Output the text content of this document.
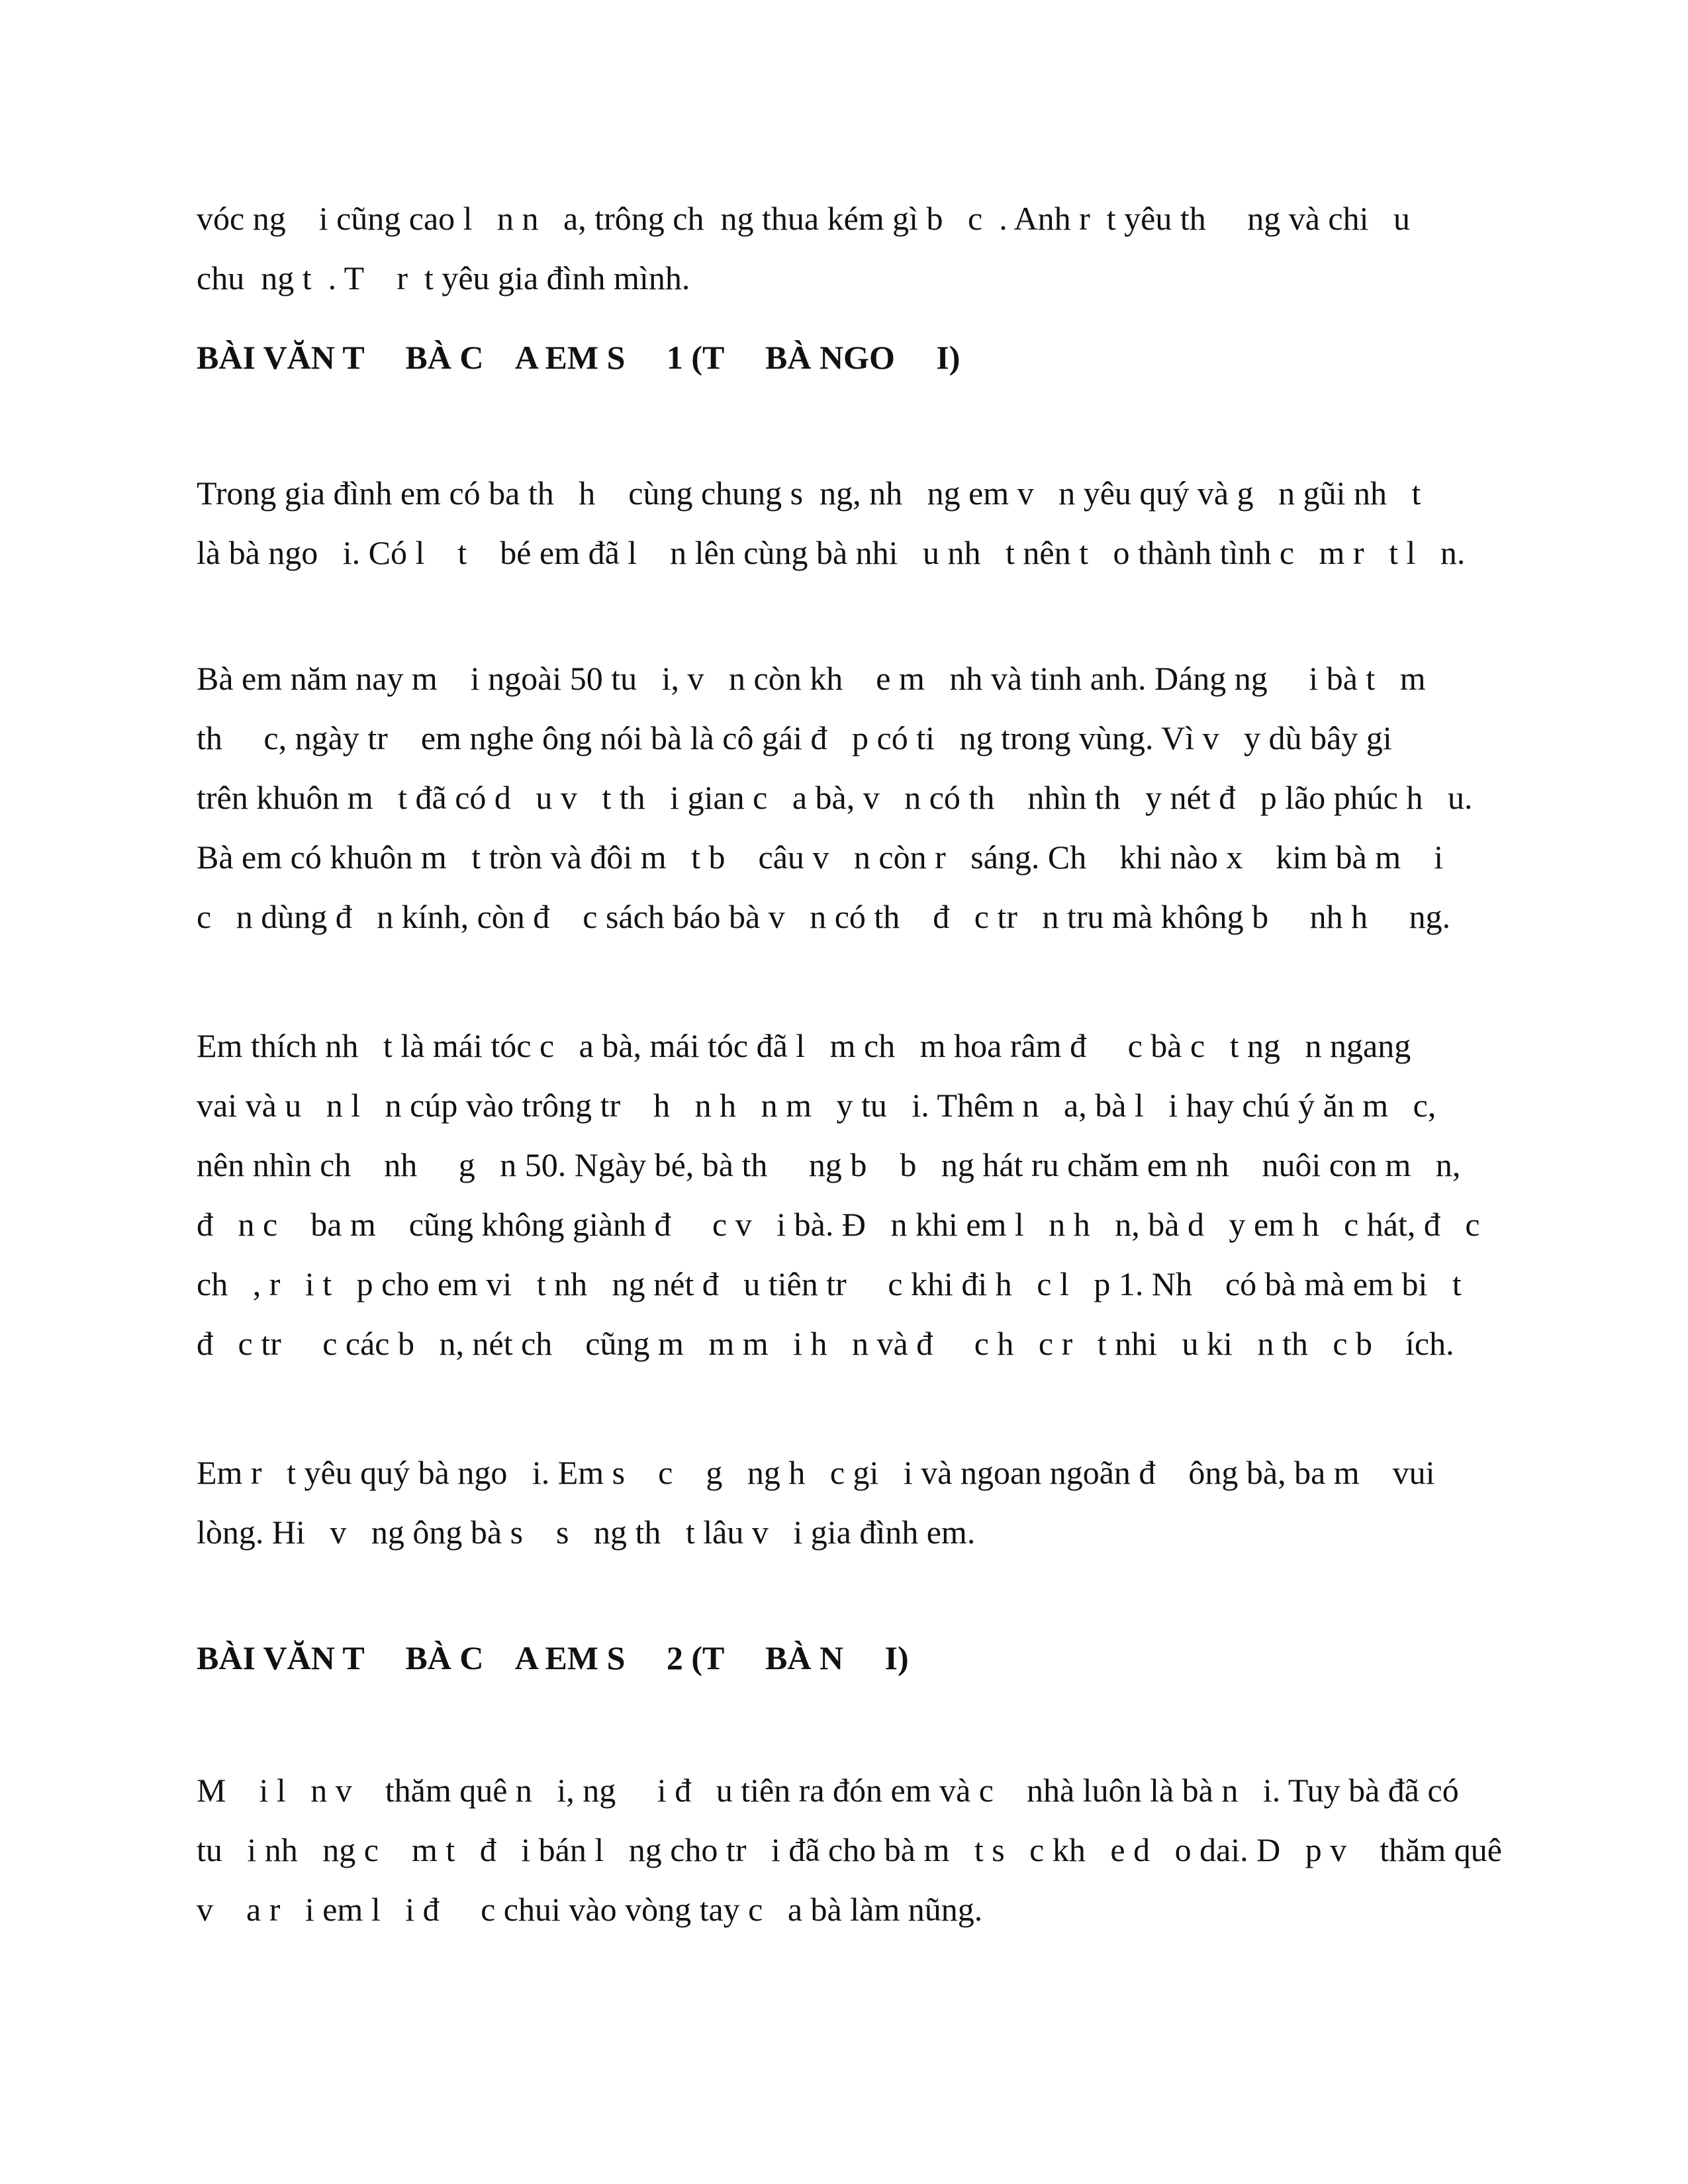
vóc ng    i cũng cao l   n n   a, trông ch  ng thua kém gì b   c  . Anh r  t yêu th     ng và chi   u

chu  ng t  . T    r  t yêu gia đình mình.

BÀI VĂN T     BÀ C    A EM S     1 (T     BÀ NGO     I)

Trong gia đình em có ba th   h    cùng chung s  ng, nh   ng em v   n yêu quý và g   n gũi nh   t

là bà ngo   i. Có l    t    bé em đã l    n lên cùng bà nhi   u nh   t nên t   o thành tình c   m r   t l   n.

Bà em năm nay m    i ngoài 50 tu   i, v   n còn kh    e m   nh và tinh anh. Dáng ng     i bà t   m

th     c, ngày tr    em nghe ông nói bà là cô gái đ   p có ti   ng trong vùng. Vì v   y dù bây gi

trên khuôn m   t đã có d   u v   t th   i gian c   a bà, v   n có th    nhìn th   y nét đ   p lão phúc h   u.

Bà em có khuôn m   t tròn và đôi m   t b    câu v   n còn r   sáng. Ch    khi nào x    kim bà m    i

c   n dùng đ   n kính, còn đ    c sách báo bà v   n có th    đ   c tr   n tru mà không b     nh h     ng.

Em thích nh   t là mái tóc c   a bà, mái tóc đã l   m ch   m hoa râm đ     c bà c   t ng   n ngang

vai và u   n l   n cúp vào trông tr    h   n h   n m   y tu   i. Thêm n   a, bà l   i hay chú ý ăn m   c,

nên nhìn ch    nh     g   n 50. Ngày bé, bà th     ng b    b   ng hát ru chăm em nh    nuôi con m   n,

đ   n c    ba m    cũng không giành đ     c v   i bà. Đ   n khi em l   n h   n, bà d   y em h   c hát, đ   c

ch   , r   i t   p cho em vi   t nh   ng nét đ   u tiên tr     c khi đi h   c l   p 1. Nh    có bà mà em bi   t

đ   c tr     c các b   n, nét ch    cũng m   m m   i h   n và đ     c h   c r   t nhi   u ki   n th   c b    ích.

Em r   t yêu quý bà ngo   i. Em s    c    g   ng h   c gi   i và ngoan ngoãn đ    ông bà, ba m    vui

lòng. Hi   v   ng ông bà s    s   ng th   t lâu v   i gia đình em.

BÀI VĂN T     BÀ C    A EM S     2 (T     BÀ N     I)

M    i l   n v    thăm quê n   i, ng     i đ   u tiên ra đón em và c    nhà luôn là bà n   i. Tuy bà đã có

tu   i nh   ng c    m t   đ   i bán l   ng cho tr   i đã cho bà m   t s   c kh   e d   o dai. D   p v    thăm quê

v    a r   i em l   i đ     c chui vào vòng tay c   a bà làm nũng.
